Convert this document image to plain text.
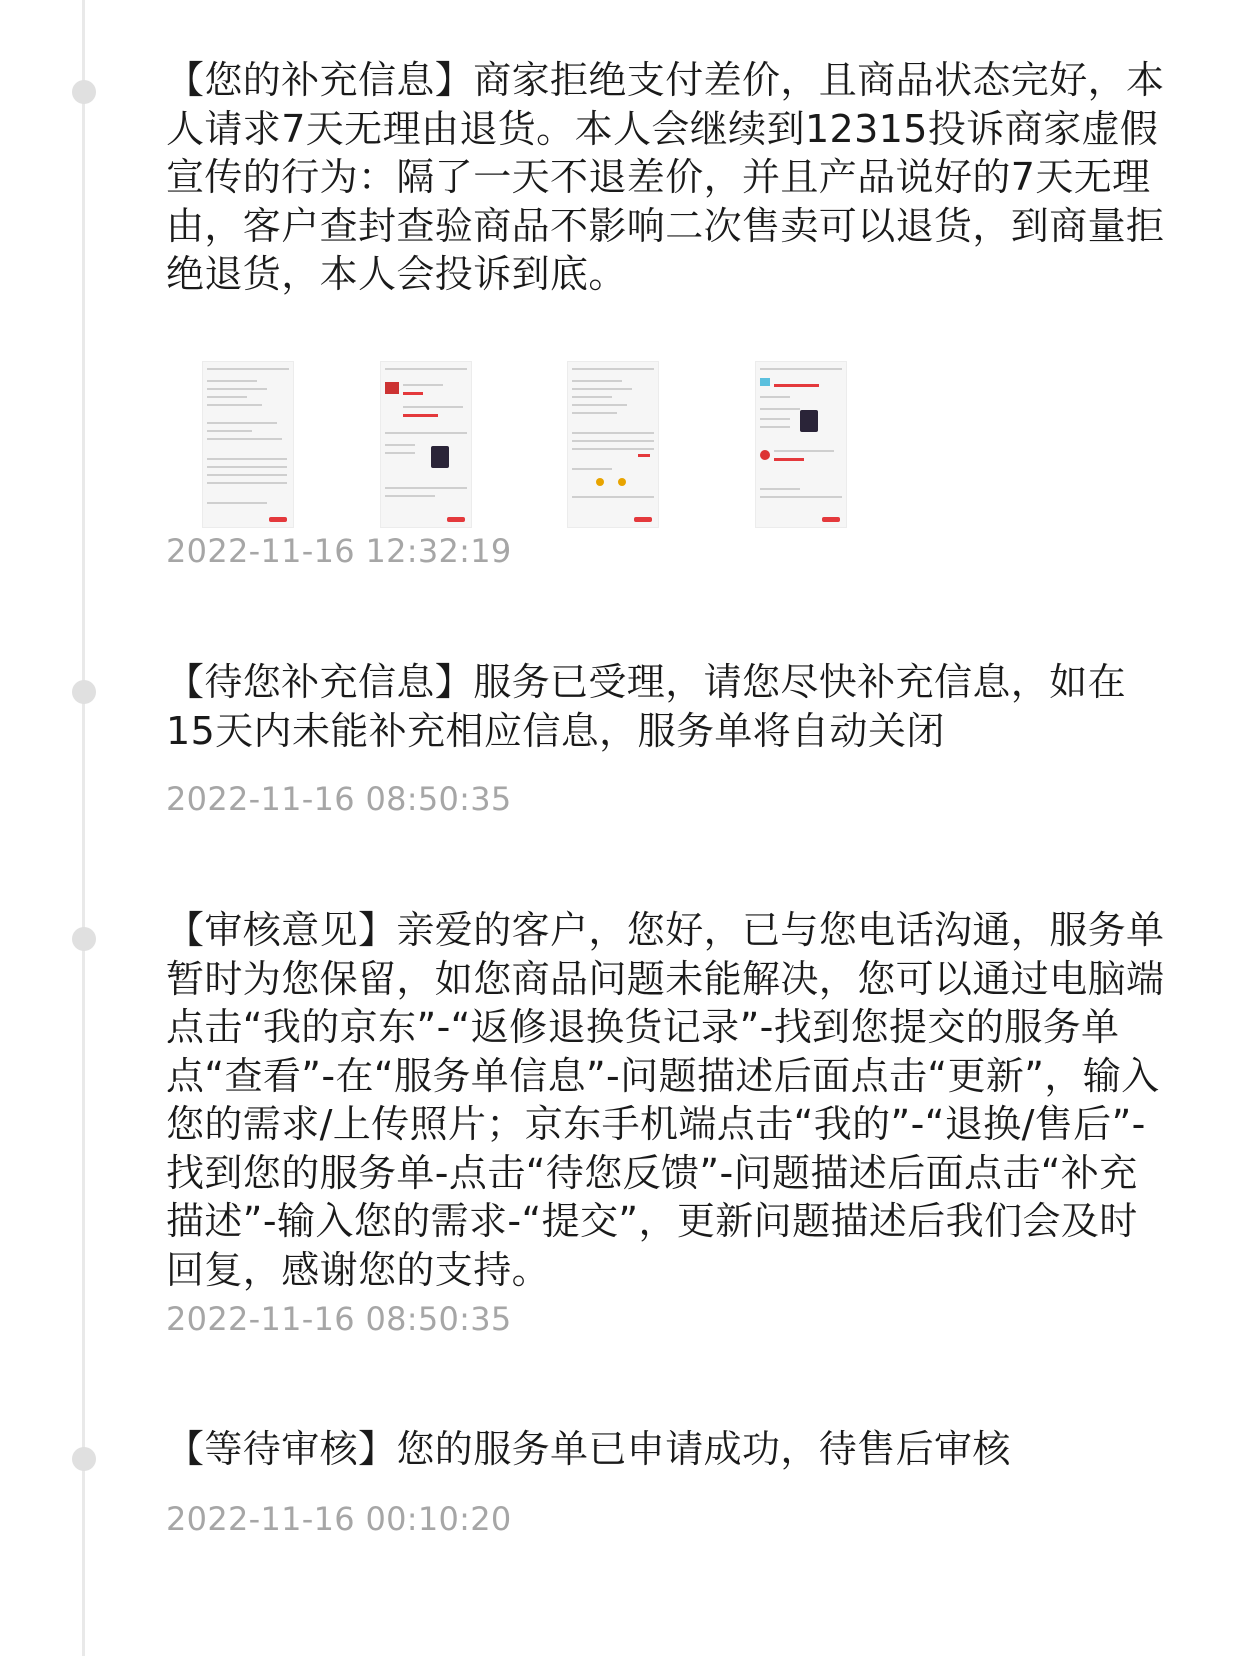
【您的补充信息】商家拒绝支付差价，且商品状态完好，本人请求7天无理由退货。本人会继续到12315投诉商家虚假宣传的行为：隔了一天不退差价，并且产品说好的7天无理由，客户查封查验商品不影响二次售卖可以退货，到商量拒绝退货，本人会投诉到底。

2022-11-16 12:32:19

【待您补充信息】服务已受理，请您尽快补充信息，如在15天内未能补充相应信息，服务单将自动关闭

2022-11-16 08:50:35

【审核意见】亲爱的客户，您好，已与您电话沟通，服务单暂时为您保留，如您商品问题未能解决，您可以通过电脑端点击“我的京东”-“返修退换货记录”-找到您提交的服务单点“查看”-在“服务单信息”-问题描述后面点击“更新”，输入您的需求/上传照片；京东手机端点击“我的”-“退换/售后”-找到您的服务单-点击“待您反馈”-问题描述后面点击“补充描述”-输入您的需求-“提交”，更新问题描述后我们会及时回复，感谢您的支持。

2022-11-16 08:50:35

【等待审核】您的服务单已申请成功，待售后审核

2022-11-16 00:10:20
